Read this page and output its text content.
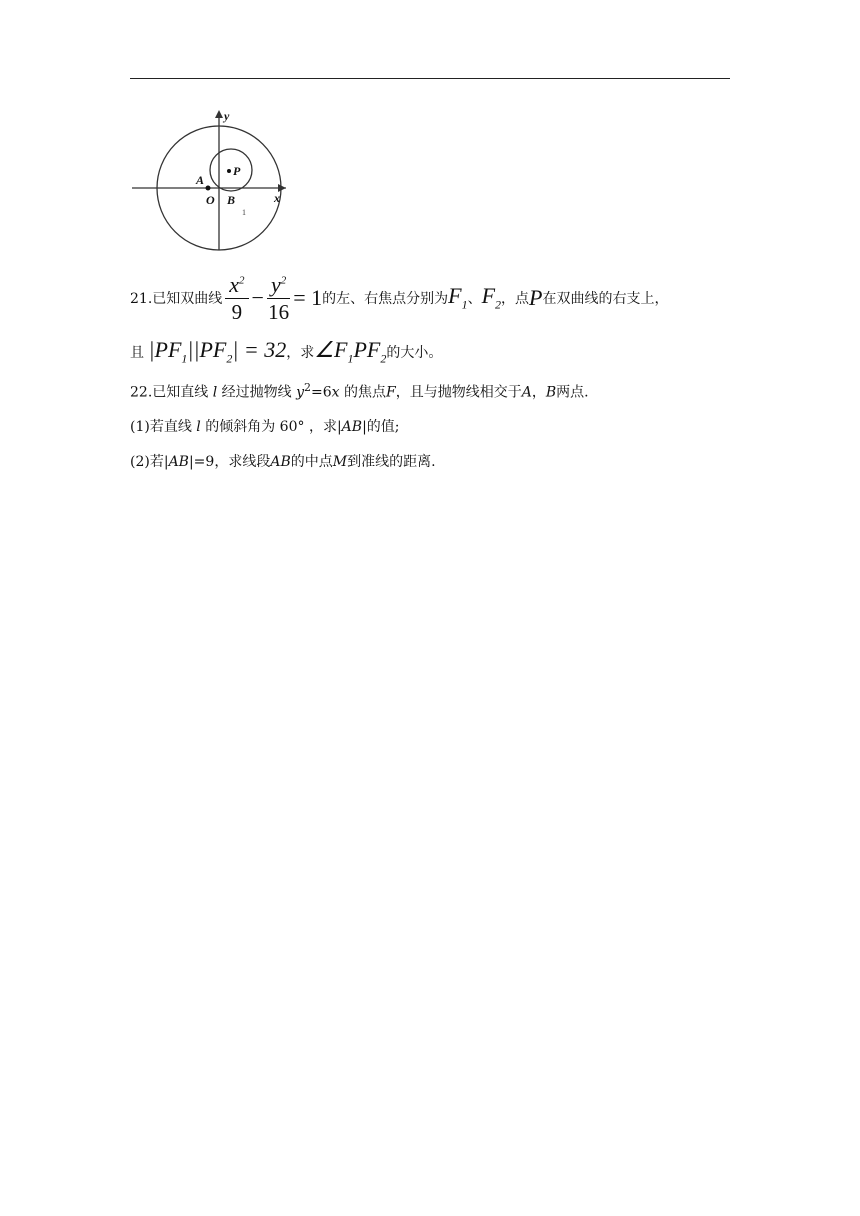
y
x
A
O B
P
1
21.已知双曲线 $\frac{x^2}{9} - \frac{y^2}{16} = 1$ 的左、右焦点分别为 $F_1$ 、 $F_2$ ，点 P 在双曲线的右支上，
且
$|PF_1||PF_2| = 32$ ，求 $\angle F_1PF_2$ 的大小。
22.已知直线 l 经过抛物线 $y^2=6x$ 的焦点F，且与抛物线相交于A，B两点.
(1)若直线 l 的倾斜角为 60° ，求|AB|的值;
(2)若|AB|=9，求线段AB的中点M到准线的距离.
